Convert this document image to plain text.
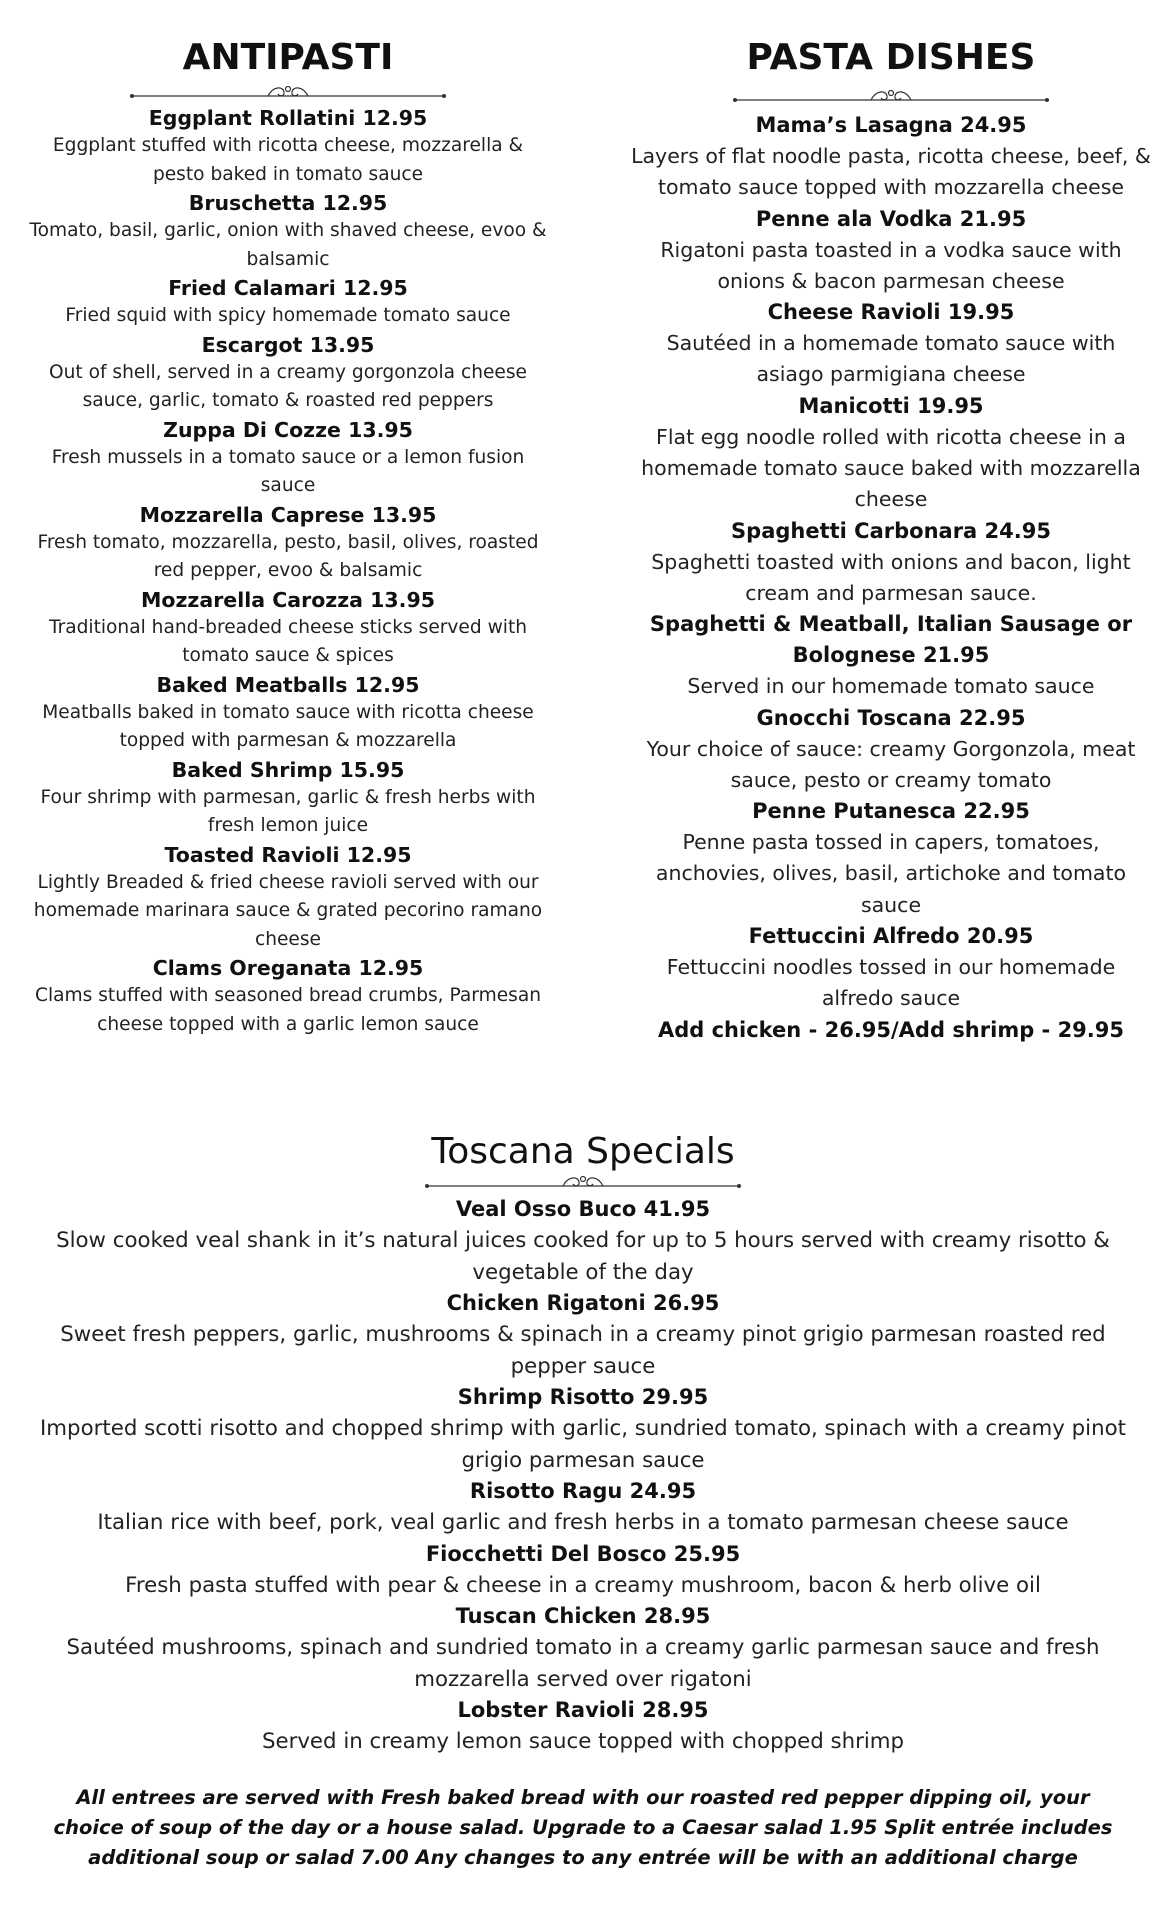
ANTIPASTI
Eggplant Rollatini 12.95
Eggplant stuffed with ricotta cheese, mozzarella & pesto baked in tomato sauce
Bruschetta 12.95
Tomato, basil, garlic, onion with shaved cheese, evoo & balsamic
Fried Calamari 12.95
Fried squid with spicy homemade tomato sauce
Escargot 13.95
Out of shell, served in a creamy gorgonzola cheese sauce, garlic, tomato & roasted red peppers
Zuppa Di Cozze 13.95
Fresh mussels in a tomato sauce or a lemon fusion sauce
Mozzarella Caprese 13.95
Fresh tomato, mozzarella, pesto, basil, olives, roasted red pepper, evoo & balsamic
Mozzarella Carozza 13.95
Traditional hand-breaded cheese sticks served with tomato sauce & spices
Baked Meatballs 12.95
Meatballs baked in tomato sauce with ricotta cheese topped with parmesan & mozzarella
Baked Shrimp 15.95
Four shrimp with parmesan, garlic & fresh herbs with fresh lemon juice
Toasted Ravioli 12.95
Lightly Breaded & fried cheese ravioli served with our homemade marinara sauce & grated pecorino ramano cheese
Clams Oreganata 12.95
Clams stuffed with seasoned bread crumbs, Parmesan cheese topped with a garlic lemon sauce
PASTA DISHES
Mama’s Lasagna 24.95
Layers of flat noodle pasta, ricotta cheese, beef, & tomato sauce topped with mozzarella cheese
Penne ala Vodka 21.95
Rigatoni pasta toasted in a vodka sauce with onions & bacon parmesan cheese
Cheese Ravioli 19.95
Sautéed in a homemade tomato sauce with asiago parmigiana cheese
Manicotti 19.95
Flat egg noodle rolled with ricotta cheese in a homemade tomato sauce baked with mozzarella cheese
Spaghetti Carbonara 24.95
Spaghetti toasted with onions and bacon, light cream and parmesan sauce.
Spaghetti & Meatball, Italian Sausage or Bolognese 21.95
Served in our homemade tomato sauce
Gnocchi Toscana 22.95
Your choice of sauce: creamy Gorgonzola, meat sauce, pesto or creamy tomato
Penne Putanesca 22.95
Penne pasta tossed in capers, tomatoes, anchovies, olives, basil, artichoke and tomato sauce
Fettuccini Alfredo 20.95
Fettuccini noodles tossed in our homemade alfredo sauce
Add chicken - 26.95/Add shrimp - 29.95
Toscana Specials
Veal Osso Buco 41.95
Slow cooked veal shank in it’s natural juices cooked for up to 5 hours served with creamy risotto & vegetable of the day
Chicken Rigatoni 26.95
Sweet fresh peppers, garlic, mushrooms & spinach in a creamy pinot grigio parmesan roasted red pepper sauce
Shrimp Risotto 29.95
Imported scotti risotto and chopped shrimp with garlic, sundried tomato, spinach with a creamy pinot grigio parmesan sauce
Risotto Ragu 24.95
Italian rice with beef, pork, veal garlic and fresh herbs in a tomato parmesan cheese sauce
Fiocchetti Del Bosco 25.95
Fresh pasta stuffed with pear & cheese in a creamy mushroom, bacon & herb olive oil
Tuscan Chicken 28.95
Sautéed mushrooms, spinach and sundried tomato in a creamy garlic parmesan sauce and fresh mozzarella served over rigatoni
Lobster Ravioli 28.95
Served in creamy lemon sauce topped with chopped shrimp
All entrees are served with Fresh baked bread with our roasted red pepper dipping oil, your choice of soup of the day or a house salad. Upgrade to a Caesar salad 1.95 Split entrée includes additional soup or salad 7.00 Any changes to any entrée will be with an additional charge
